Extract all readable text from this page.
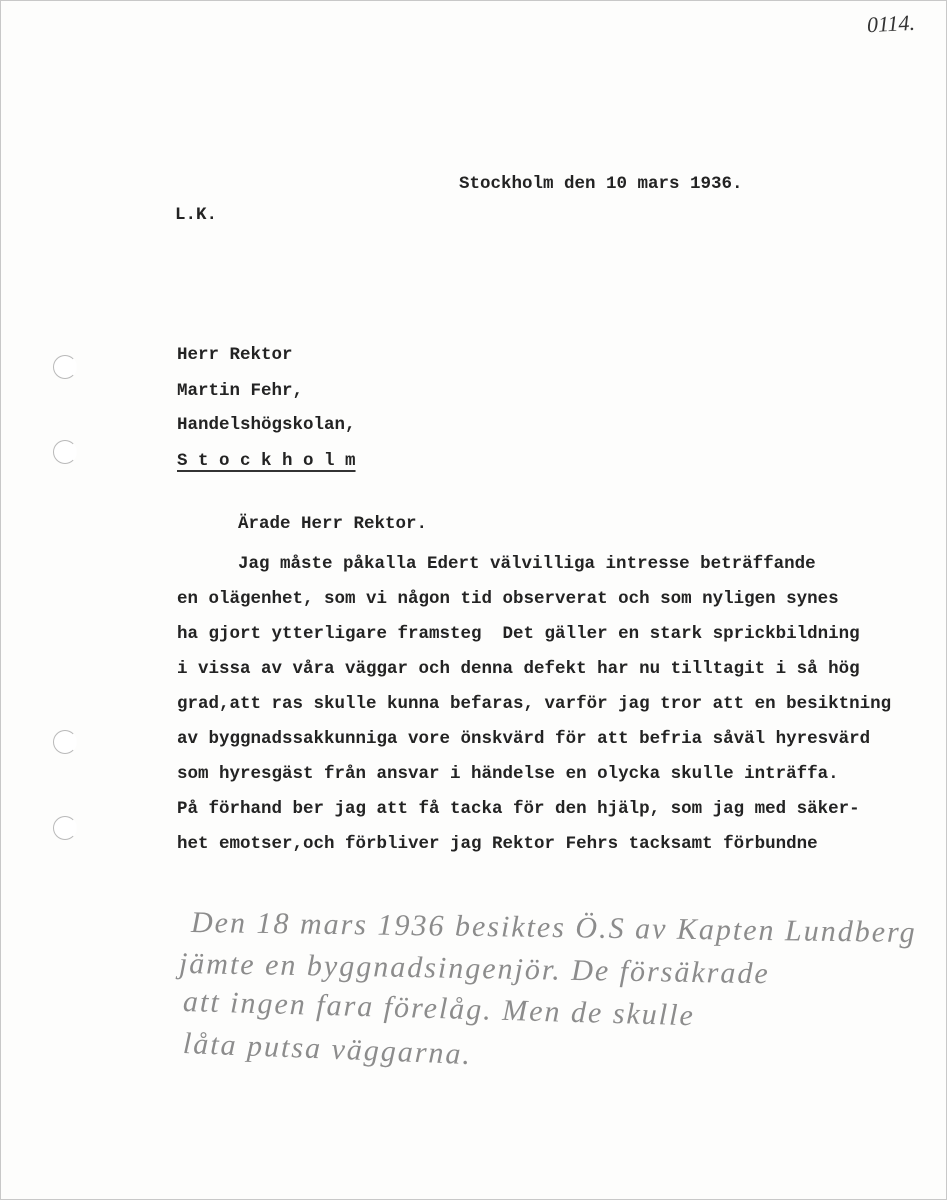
0114.
Stockholm den 10 mars 1936.
L.K.
Herr Rektor
Martin Fehr,
Handelshögskolan,
S t o c k h o l m
Ärade Herr Rektor.
Jag måste påkalla Edert välvilliga intresse beträffande
en olägenhet, som vi någon tid observerat och som nyligen synes
ha gjort ytterligare framsteg  Det gäller en stark sprickbildning
i vissa av våra väggar och denna defekt har nu tilltagit i så hög
grad,att ras skulle kunna befaras, varför jag tror att en besiktning
av byggnadssakkunniga vore önskvärd för att befria såväl hyresvärd
som hyresgäst från ansvar i händelse en olycka skulle inträffa.
På förhand ber jag att få tacka för den hjälp, som jag med säker-
het emotser,och förbliver jag Rektor Fehrs tacksamt förbundne
Den 18 mars 1936 besiktes Ö.S av Kapten Lundberg
jämte en byggnadsingenjör. De försäkrade
att ingen fara förelåg. Men de skulle
låta putsa väggarna.
